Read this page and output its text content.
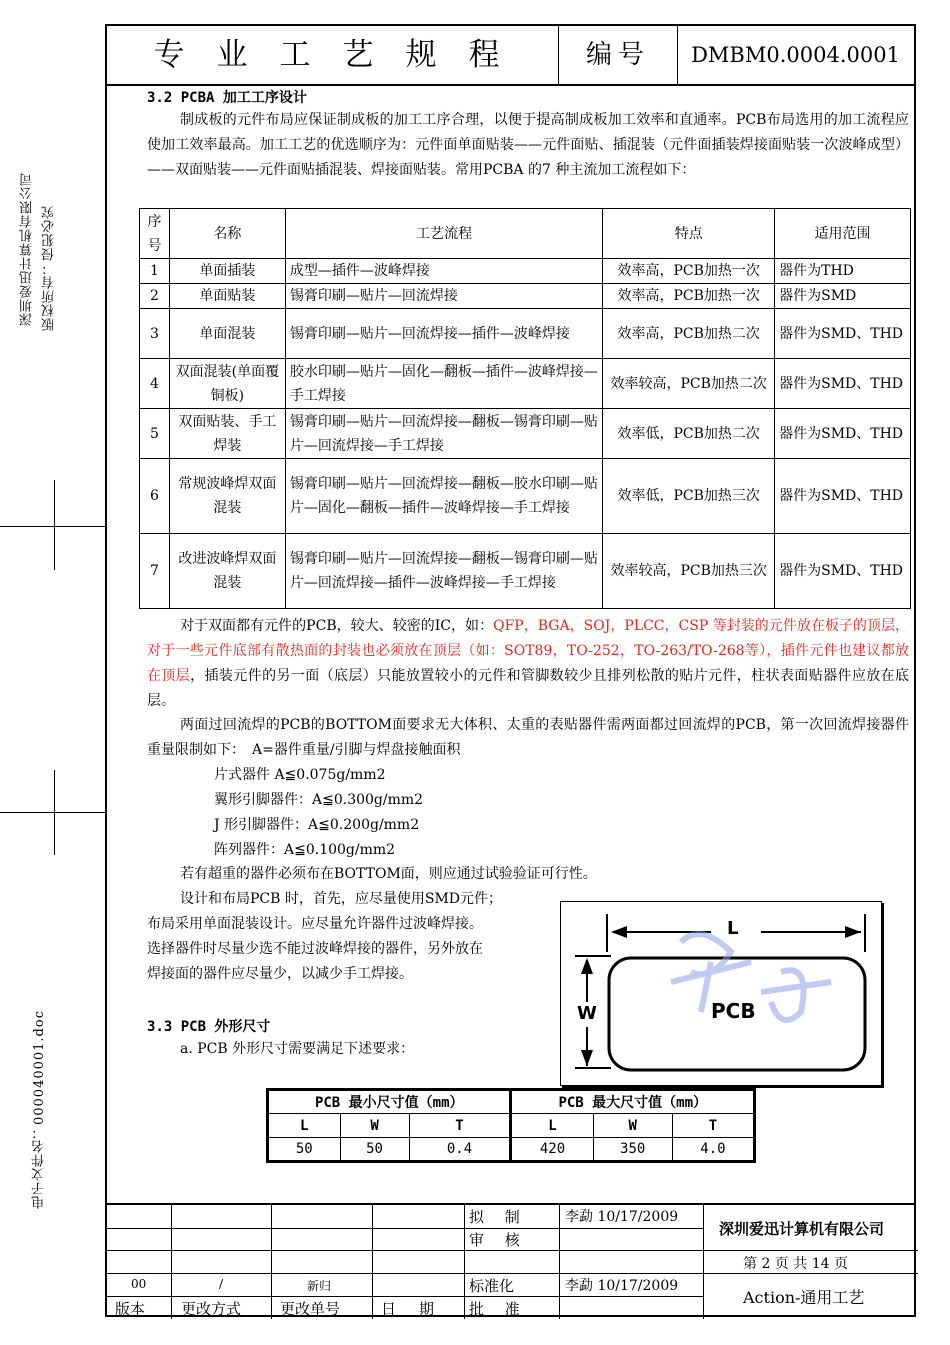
深圳爱迅计算机有限公司 版权所有：侵犯必究
电子文件名：000040001.doc
专业工艺规程	编号	DMBM0.0004.0001
拟 制	李勐 10/17/2009
审 核
标准化	李勐 10/17/2009
批 准
深圳爱迅计算机有限公司
第 2 页 共 14 页
Action-通用工艺
00	/	新归
版本 更改方式	更改单号	日　期
3.2 PCBA 加工工序设计
制成板的元件布局应保证制成板的加工工序合理，以便于提高制成板加工效率和直通率。PCB布局选用的加工流程应使加工效率最高。加工工艺的优选顺序为：元件面单面贴装——元件面贴、插混装（元件面插装焊接面贴装一次波峰成型）——双面贴装——元件面贴插混装、焊接面贴装。常用PCBA 的7 种主流加工流程如下：
序号	名称	工艺流程	特点	适用范围
1	单面插装	成型—插件—波峰焊接	效率高，PCB加热一次	器件为THD
2	单面贴装	锡膏印刷—贴片—回流焊接	效率高，PCB加热一次	器件为SMD
3	单面混装	锡膏印刷—贴片—回流焊接—插件—波峰焊接	效率高，PCB加热二次	器件为SMD、THD
4	双面混装(单面覆铜板)	胶水印刷—贴片—固化—翻板—插件—波峰焊接—手工焊接	效率较高，PCB加热二次	器件为SMD、THD
5	双面贴装、手工焊装	锡膏印刷—贴片—回流焊接—翻板—锡膏印刷—贴片—回流焊接—手工焊接	效率低，PCB加热二次	器件为SMD、THD
6	常规波峰焊双面混装	锡膏印刷—贴片—回流焊接—翻板—胶水印刷—贴片—固化—翻板—插件—波峰焊接—手工焊接	效率低，PCB加热三次	器件为SMD、THD
7	改进波峰焊双面混装	锡膏印刷—贴片—回流焊接—翻板—锡膏印刷—贴片—回流焊接—插件—波峰焊接—手工焊接	效率较高，PCB加热三次	器件为SMD、THD
对于双面都有元件的PCB，较大、较密的IC，如：QFP，BGA，SOJ，PLCC，CSP 等封装的元件放在板子的顶层，对于一些元件底部有散热面的封装也必须放在顶层（如：SOT89，TO-252，TO-263/TO-268等），插件元件也建议都放在顶层，插装元件的另一面（底层）只能放置较小的元件和管脚数较少且排列松散的贴片元件，柱状表面贴器件应放在底层。
两面过回流焊的PCB的BOTTOM面要求无大体积、太重的表贴器件需两面都过回流焊的PCB，第一次回流焊接器件重量限制如下：　A=器件重量/引脚与焊盘接触面积
片式器件 A≦0.075g/mm2
翼形引脚器件：A≦0.300g/mm2
J 形引脚器件：A≦0.200g/mm2
阵列器件：A≦0.100g/mm2
若有超重的器件必须布在BOTTOM面，则应通过试验验证可行性。
设计和布局PCB 时，首先，应尽量使用SMD元件；
布局采用单面混装设计。应尽量允许器件过波峰焊接。
选择器件时尽量少选不能过波峰焊接的器件，另外放在
焊接面的器件应尽量少，以减少手工焊接。
L
W	PCB
3.3 PCB 外形尺寸
a. PCB 外形尺寸需要满足下述要求：
PCB 最小尺寸值（mm）			PCB 最大尺寸值（mm）		
L	W	T	L	W	T
50	50	0.4	420	350	4.0
